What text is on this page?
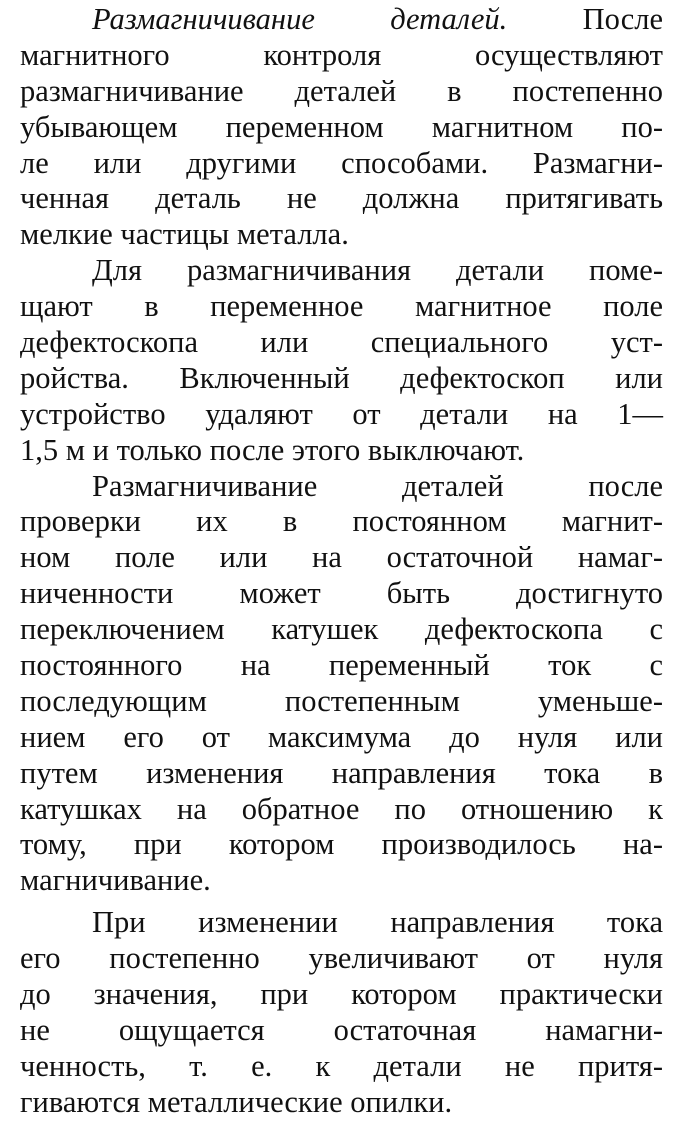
Размагничивание деталей. После
магнитного контроля осуществляют
размагничивание деталей в постепенно
убывающем переменном магнитном по-
ле или другими способами. Размагни-
ченная деталь не должна притягивать
мелкие частицы металла.
Для размагничивания детали поме-
щают в переменное магнитное поле
дефектоскопа или специального уст-
ройства. Включенный дефектоскоп или
устройство удаляют от детали на 1—
1,5 м и только после этого выключают.
Размагничивание деталей после
проверки их в постоянном магнит-
ном поле или на остаточной намаг-
ниченности может быть достигнуто
переключением катушек дефектоскопа с
постоянного на переменный ток с
последующим постепенным уменьше-
нием его от максимума до нуля или
путем изменения направления тока в
катушках на обратное по отношению к
тому, при котором производилось на-
магничивание.
При изменении направления тока
его постепенно увеличивают от нуля
до значения, при котором практически
не ощущается остаточная намагни-
ченность, т. е. к детали не притя-
гиваются металлические опилки.
